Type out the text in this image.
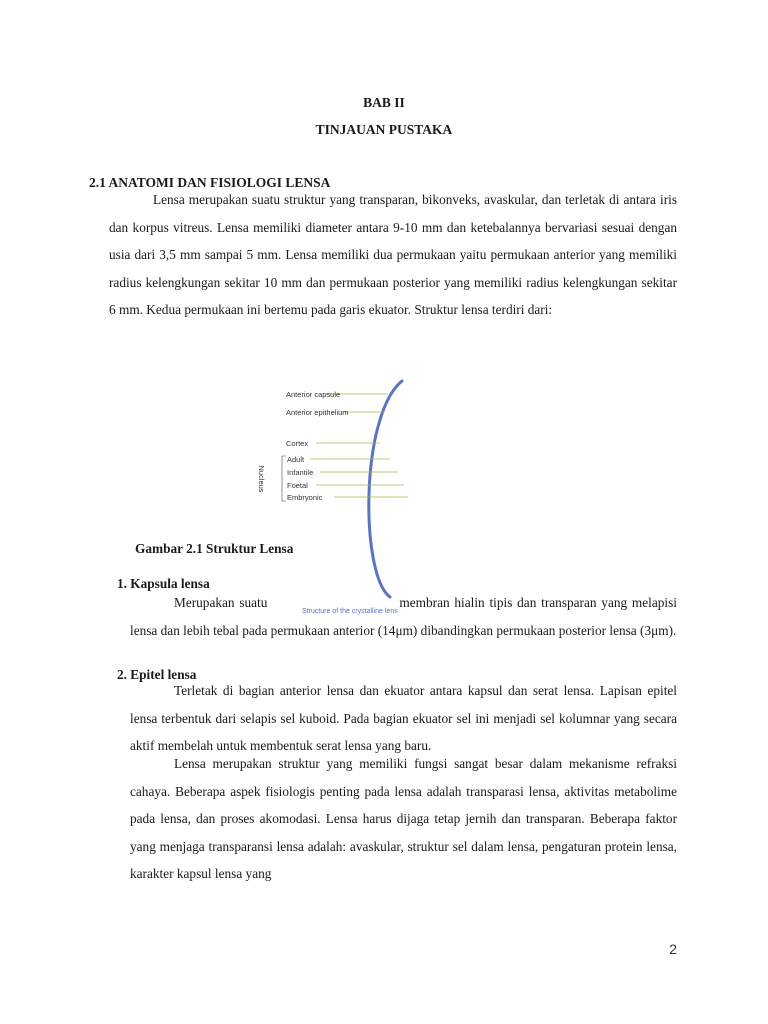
BAB II
TINJAUAN PUSTAKA
2.1 ANATOMI DAN FISIOLOGI LENSA
Lensa merupakan suatu struktur yang transparan, bikonveks, avaskular, dan terletak di antara iris dan korpus vitreus. Lensa memiliki diameter antara 9-10 mm dan ketebalannya bervariasi sesuai dengan usia dari 3,5 mm sampai 5 mm. Lensa memiliki dua permukaan yaitu permukaan anterior yang memiliki radius kelengkungan sekitar 10 mm dan permukaan posterior yang memiliki radius kelengkungan sekitar 6 mm. Kedua permukaan ini bertemu pada garis ekuator. Struktur lensa terdiri dari:
Anterior capsule
Anterior epithelium
Cortex
Adult
Infantile
Foetal
Embryonic
Nucleus
Structure of the crystalline lens
Gambar 2.1 Struktur Lensa
1. Kapsula lensa
Merupakan suatu	membran hialin tipis dan transparan yang melapisi lensa dan lebih tebal pada permukaan anterior (14μm) dibandingkan permukaan posterior lensa (3μm).
2. Epitel lensa
Terletak di bagian anterior lensa dan ekuator antara kapsul dan serat lensa. Lapisan epitel lensa terbentuk dari selapis sel kuboid. Pada bagian ekuator sel ini menjadi sel kolumnar yang secara aktif membelah untuk membentuk serat lensa yang baru.
Lensa merupakan struktur yang memiliki fungsi sangat besar dalam mekanisme refraksi cahaya. Beberapa aspek fisiologis penting pada lensa adalah transparasi lensa, aktivitas metabolime pada lensa, dan proses akomodasi. Lensa harus dijaga tetap jernih dan transparan. Beberapa faktor yang menjaga transparansi lensa adalah: avaskular, struktur sel dalam lensa, pengaturan protein lensa, karakter kapsul lensa yang
2
